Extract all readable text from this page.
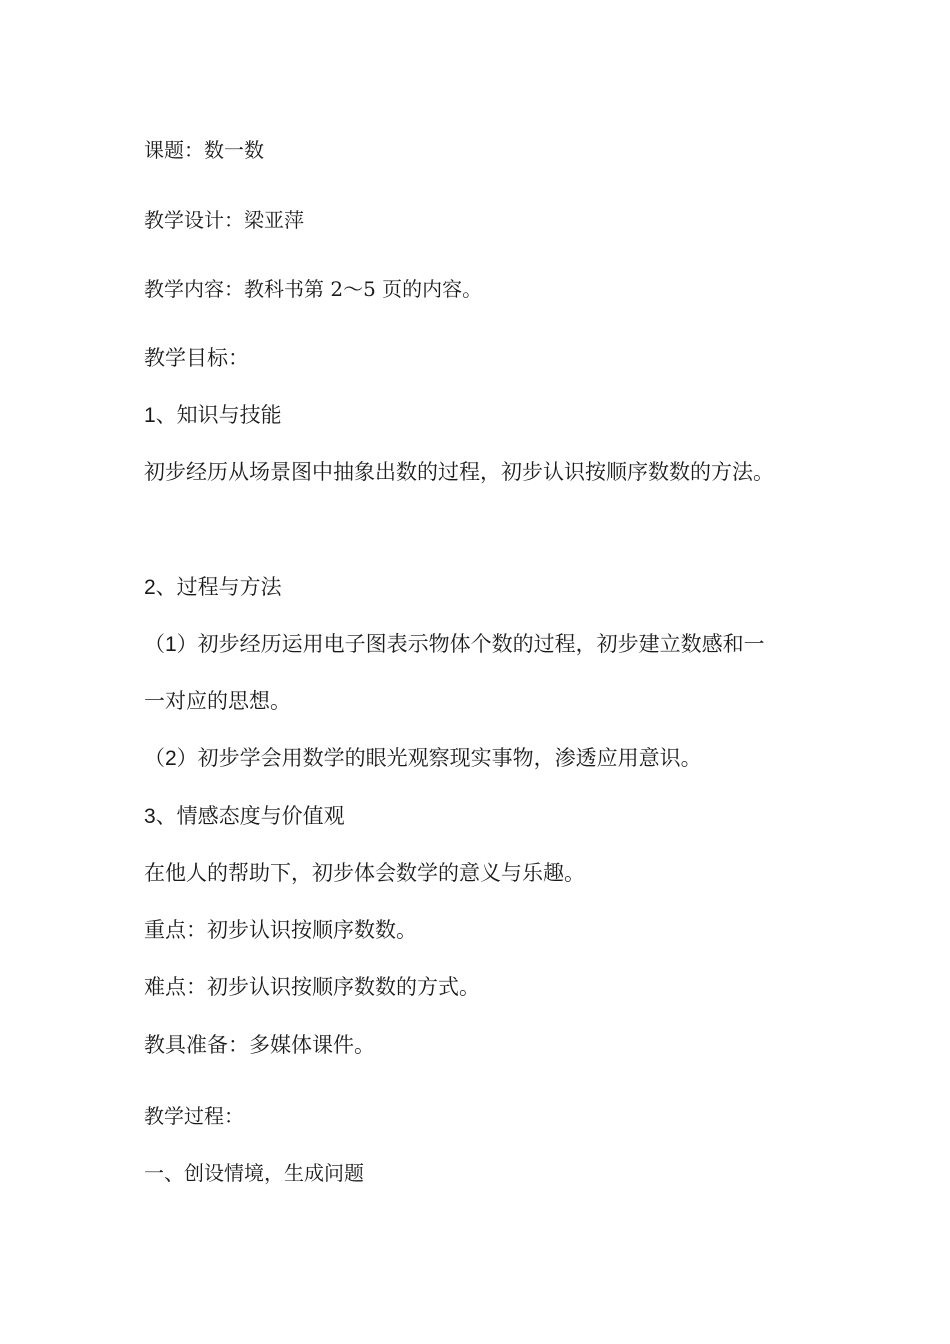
课题：数一数
教学设计：梁亚萍
教学内容：教科书第 2～5 页的内容。
教学目标：
1、知识与技能
初步经历从场景图中抽象出数的过程，初步认识按顺序数数的方法。
2、过程与方法
（1）初步经历运用电子图表示物体个数的过程，初步建立数感和一
一对应的思想。
（2）初步学会用数学的眼光观察现实事物，渗透应用意识。
3、情感态度与价值观
在他人的帮助下，初步体会数学的意义与乐趣。
重点：初步认识按顺序数数。
难点：初步认识按顺序数数的方式。
教具准备：多媒体课件。
教学过程：
一、创设情境，生成问题
